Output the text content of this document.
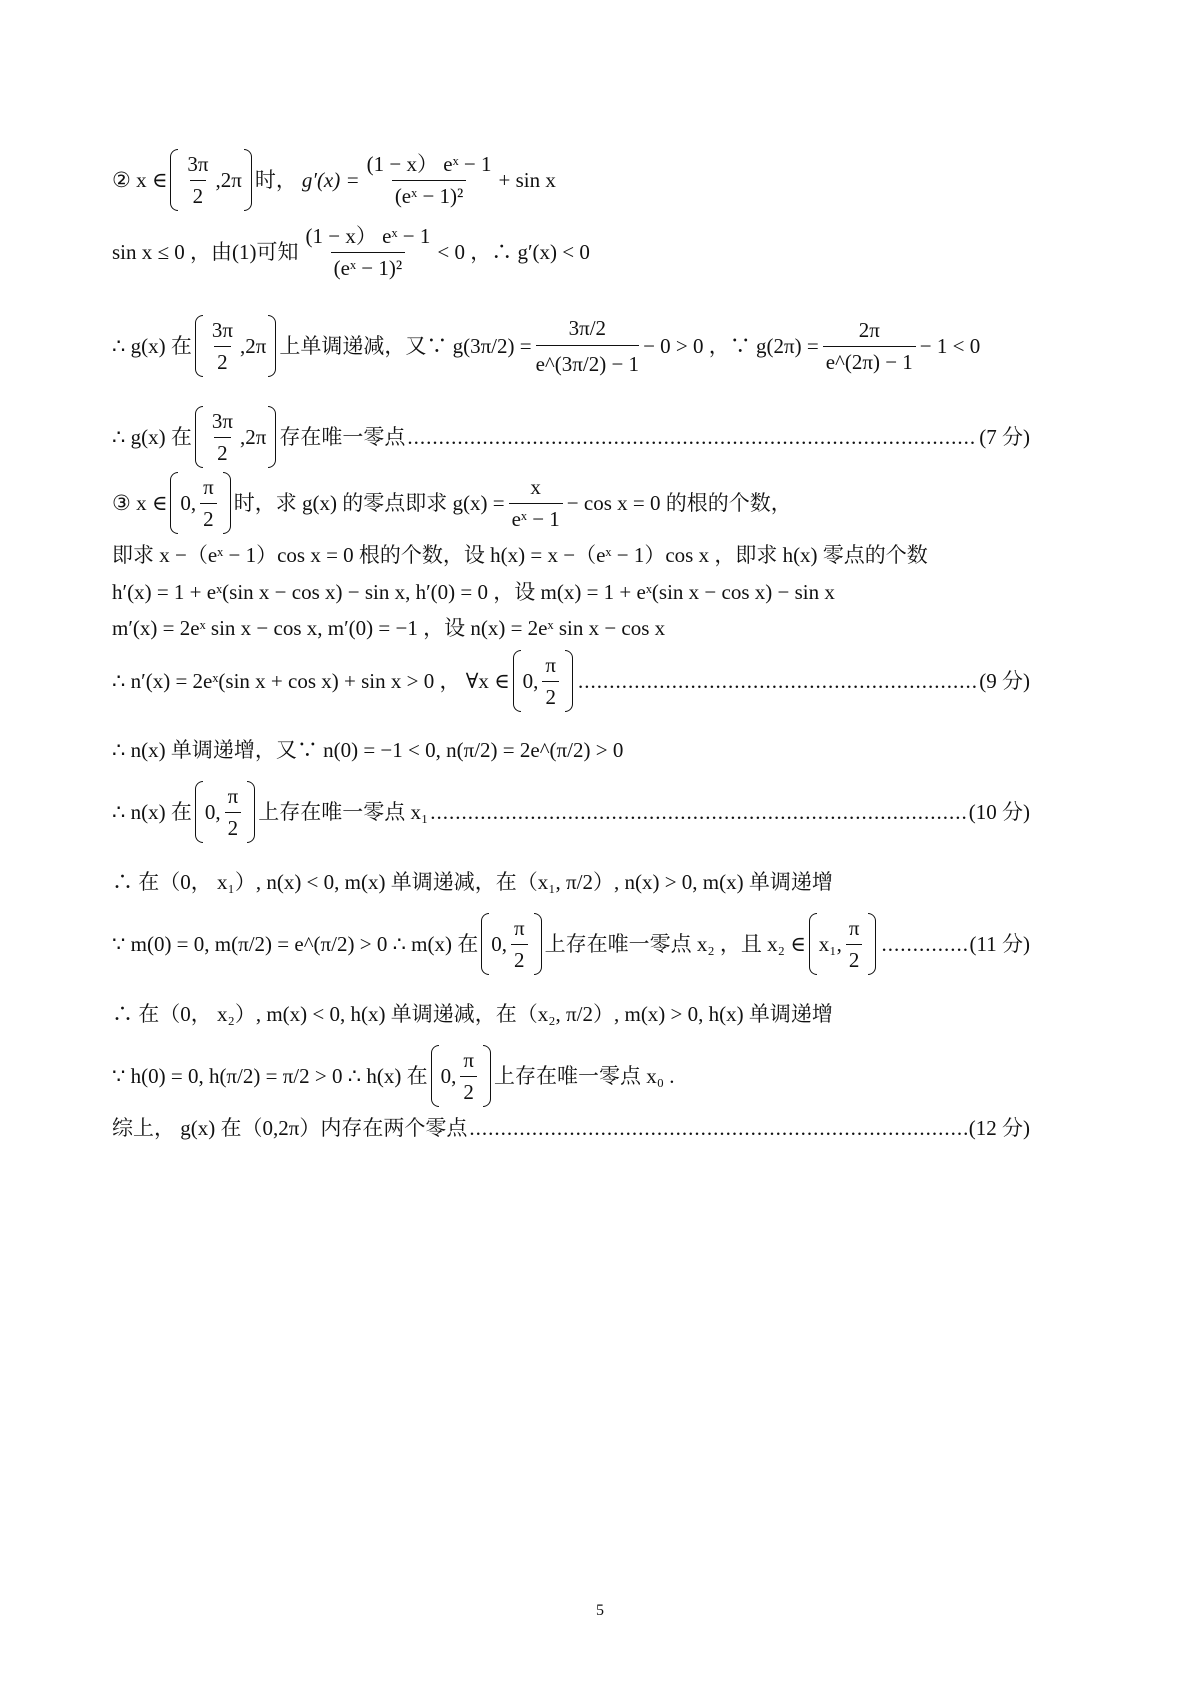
② x ∈ $\frac{3\pi}{2} ,2\pi$ 时， $g'(x) = \frac{\text{(1 − x） eˣ − 1}}{\text{(eˣ − 1)²}} + \sin x$
sin x ≤ 0 ，由(1)可知 $\frac{\text{(1 − x） eˣ − 1}}{\text{(eˣ − 1)²}} < 0$ ，∴ g′(x) < 0
∴ g(x) 在 $\frac{3\pi}{2} ,2\pi$ 上单调递减，又∵ $g(3\pi/2) = \frac{3\pi/2}{e\^{}(3\pi/2) - 1} - 0 > 0$ ，∵ $g(2\pi) = \frac{2\pi}{e\^{}(2\pi) - 1} - 1 < 0$
∴ g(x) 在 $\frac{3\pi}{2} ,2\pi$ 存在唯一零点 .....	(7 分)
③ x ∈ 0, $\frac{\pi}{2}$ 时，求 g(x) 的零点即求 $g(x) = \frac{x}{\text{eˣ − 1}} - \cos x = 0$ 的根的个数，
即求 x −（eˣ − 1）cos x = 0 根的个数，设 h(x) = x −（eˣ − 1）cos x ，即求 h(x) 零点的个数
h′(x) = 1 + eˣ(sin x − cos x) − sin x, h′(0) = 0 ，设 m(x) = 1 + eˣ(sin x − cos x) − sin x
m′(x) = 2eˣ sin x − cos x, m′(0) = −1 ，设 n(x) = 2eˣ sin x − cos x
∴ n′(x) = 2eˣ(sin x + cos x) + sin x > 0 ， ∀x ∈ 0, $\frac{\pi}{2}$ .....	(9 分)
∴ n(x) 单调递增，又∵ n(0) = −1 < 0, n(π/2) = 2e^(π/2) > 0
∴ n(x) 在 0, $\frac{\pi}{2}$ 上存在唯一零点 x₁ .....	(10 分)
∴ 在（0， x₁）, n(x) < 0, m(x) 单调递减，在（x₁, π/2）, n(x) > 0, m(x) 单调递增
∵ m(0) = 0, m(π/2) = e^(π/2) > 0 ∴ m(x) 在 0, $\frac{\pi}{2}$ 上存在唯一零点 x₂ ，且 x₂ ∈ x₁, $\frac{\pi}{2}$ .....	(11 分)
∴ 在（0， x₂）, m(x) < 0, h(x) 单调递减，在（x₂, π/2）, m(x) > 0, h(x) 单调递增
∵ h(0) = 0, h(π/2) = π/2 > 0 ∴ h(x) 在 0, $\frac{\pi}{2}$ 上存在唯一零点 x₀ .
综上， g(x) 在（0,2π）内存在两个零点 .....	(12 分)
5
